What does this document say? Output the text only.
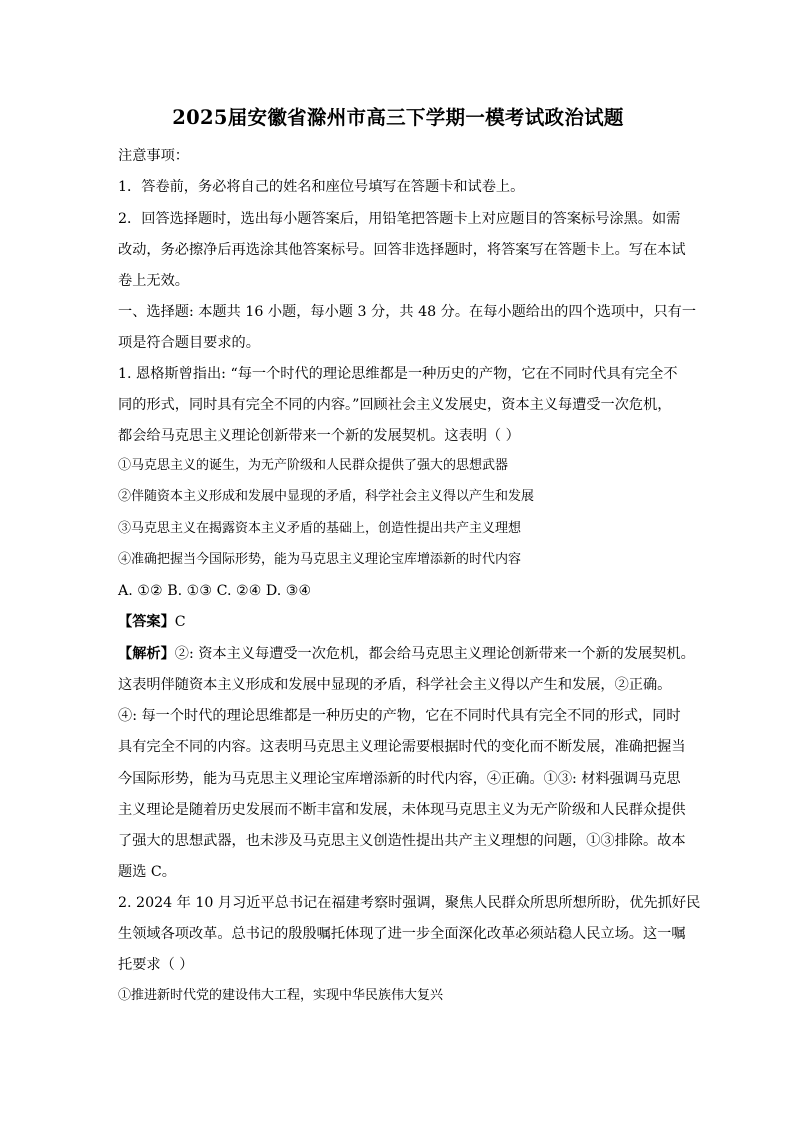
2025届安徽省滁州市高三下学期一模考试政治试题
注意事项：
1．答卷前，务必将自己的姓名和座位号填写在答题卡和试卷上。
2．回答选择题时，选出每小题答案后，用铅笔把答题卡上对应题目的答案标号涂黑。如需
改动，务必擦净后再选涂其他答案标号。回答非选择题时，将答案写在答题卡上。写在本试
卷上无效。
一、选择题: 本题共 16 小题，每小题 3 分，共 48 分。在每小题给出的四个选项中，只有一
项是符合题目要求的。
1. 恩格斯曾指出: “每一个时代的理论思维都是一种历史的产物，它在不同时代具有完全不
同的形式，同时具有完全不同的内容。”回顾社会主义发展史，资本主义每遭受一次危机，
都会给马克思主义理论创新带来一个新的发展契机。这表明（ ）
①马克思主义的诞生，为无产阶级和人民群众提供了强大的思想武器
②伴随资本主义形成和发展中显现的矛盾，科学社会主义得以产生和发展
③马克思主义在揭露资本主义矛盾的基础上，创造性提出共产主义理想
④准确把握当今国际形势，能为马克思主义理论宝库增添新的时代内容
A. ①② B. ①③ C. ②④ D. ③④
【答案】C
【解析】②: 资本主义每遭受一次危机，都会给马克思主义理论创新带来一个新的发展契机。
这表明伴随资本主义形成和发展中显现的矛盾，科学社会主义得以产生和发展，②正确。
④: 每一个时代的理论思维都是一种历史的产物，它在不同时代具有完全不同的形式，同时
具有完全不同的内容。这表明马克思主义理论需要根据时代的变化而不断发展，准确把握当
今国际形势，能为马克思主义理论宝库增添新的时代内容，④正确。①③: 材料强调马克思
主义理论是随着历史发展而不断丰富和发展，未体现马克思主义为无产阶级和人民群众提供
了强大的思想武器，也未涉及马克思主义创造性提出共产主义理想的问题，①③排除。故本
题选 C。
2. 2024 年 10 月习近平总书记在福建考察时强调，聚焦人民群众所思所想所盼，优先抓好民
生领域各项改革。总书记的殷殷嘱托体现了进一步全面深化改革必须站稳人民立场。这一嘱
托要求（ ）
①推进新时代党的建设伟大工程，实现中华民族伟大复兴
